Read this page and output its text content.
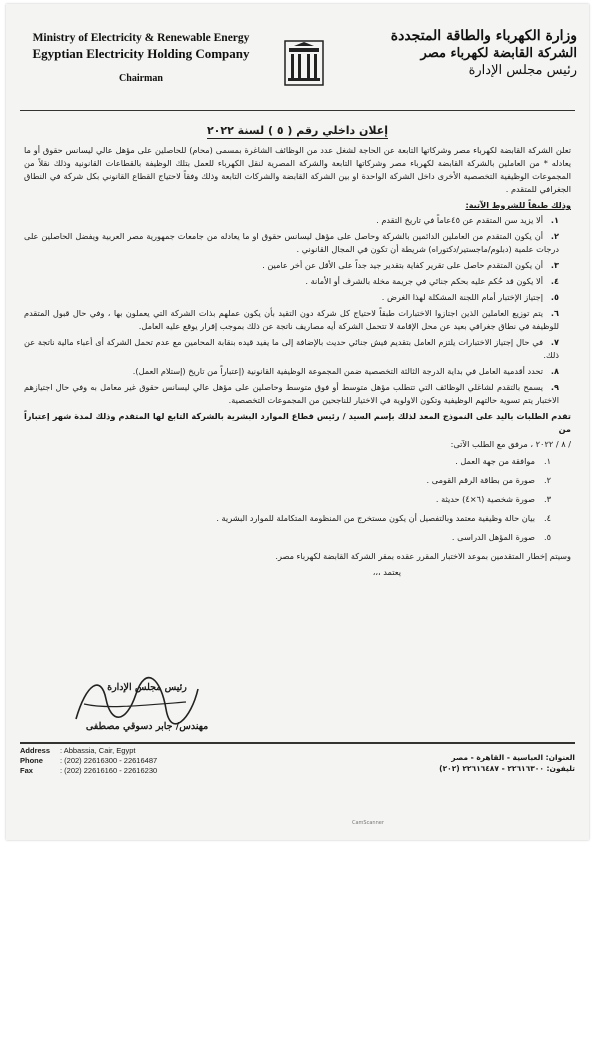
Ministry of Electricity & Renewable Energy
Egyptian Electricity Holding Company
Chairman
وزارة الكهرباء والطاقة المتجددة
الشركة القابضة لكهرباء مصر
رئيس مجلس الإدارة
إعلان داخلي رقم ( ٥ ) لسنة ٢٠٢٢

تعلن الشركة القابضة لكهرباء مصر وشركاتها التابعة عن الحاجة لشغل عدد من الوظائف الشاغرة بمسمى (محام) للحاصلين على مؤهل عالي ليسانس حقوق أو ما يعادله * من العاملين بالشركة القابضة لكهرباء مصر وشركاتها التابعة والشركة المصرية لنقل الكهرباء للعمل بتلك الوظيفة بالقطاعات القانونية وذلك نقلاً من المجموعات الوظيفية التخصصية الأخرى داخل الشركة الواحدة او بين الشركة القابضة والشركات التابعة وذلك وفقاً لاحتياج القطاع القانوني بكل شركة في النطاق الجغرافي للمتقدم .

وذلك طبقاً للشروط الآتية:
١.ألا يزيد سن المتقدم عن ٤٥عاماً في تاريخ التقدم .
٢.أن يكون المتقدم من العاملين الدائمين بالشركة وحاصل على مؤهل ليسانس حقوق او ما يعادله من جامعات جمهورية مصر العربية ويفضل الحاصلين على درجات علمية (دبلوم/ماجستير/دكتوراه) شريطة أن تكون في المجال القانوني .
٣.أن يكون المتقدم حاصل على تقرير كفاية بتقدير جيد جداً على الأقل عن أخر عامين .
٤.ألا يكون قد حُكم عليه بحكم جنائي في جريمة مخلة بالشرف أو الأمانة .
٥.إجتياز الإختبار أمام اللجنة المشكلة لهذا الغرض .
٦.يتم توزيع العاملين الذين اجتازوا الاختبارات طبقاً لاحتياج كل شركة دون التقيد بأن يكون عملهم بذات الشركة التي يعملون بها ، وفي حال قبول المتقدم للوظيفة في نطاق جغرافي بعيد عن محل الإقامة لا تتحمل الشركة أيه مصاريف ناتجة عن ذلك بموجب إقرار يوقع عليه العامل.
٧.في حال إجتياز الاختبارات يلتزم العامل بتقديم فيش جنائي حديث بالإضافة إلى ما يفيد قيده بنقابة المحامين مع عدم تحمل الشركة أى أعباء مالية ناتجة عن ذلك.
٨.تحدد أقدمية العامل في بداية الدرجة الثالثة التخصصية ضمن المجموعة الوظيفية القانونية (إعتباراً من تاريخ (إستلام العمل).
٩.يسمح بالتقدم لشاغلي الوظائف التي تتطلب مؤهل متوسط أو فوق متوسط وحاصلين على مؤهل عالي ليسانس حقوق غير معامل به وفي حال اجتيازهم الاختبار يتم تسوية حالتهم الوظيفية وتكون الاولوية في الاختيار للناجحين من المجموعات التخصصية.
تقدم الطلبات باليد على النموذج المعد لذلك بإسم السيد / رئيس قطاع الموارد البشرية بالشركة التابع لها المتقدم وذلك لمدة شهر إعتباراً من
/ ٨ / ٢٠٢٢ ، مرفق مع الطلب الآتى:
١.موافقة من جهة العمل .
٢.صورة من بطاقة الرقم القومى .
٣.صورة شخصية (٦×٤) حديثة .
٤.بيان حالة وظيفية معتمد وبالتفصيل أن يكون مستخرج من المنظومة المتكاملة للموارد البشرية .
٥.صورة المؤهل الدراسى .
وسيتم إخطار المتقدمين بموعد الاختبار المقرر عقده بمقر الشركة القابضة لكهرباء مصر.
يعتمد ،،،
رئيس مجلس الإدارة
مهندس/ جابر دسوقي مصطفى
Address : Abbassia, Cair, Egypt
Phone : (202) 22616300 - 22616487
Fax	: (202) 22616160 - 22616230
العنوان: العباسية - القاهرة - مصر
تليفون: ٢٢٦١٦٣٠٠ - ٢٢٦١٦٤٨٧ (٢٠٢)
CamScanner
